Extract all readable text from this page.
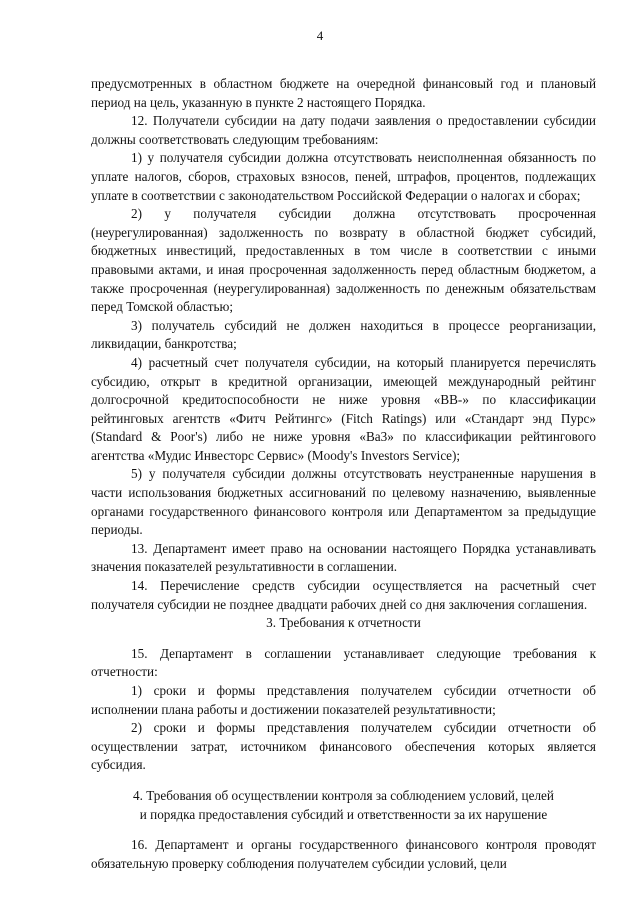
4

предусмотренных в областном бюджете на очередной финансовый год и плановый период на цель, указанную в пункте 2 настоящего Порядка.

12. Получатели субсидии на дату подачи заявления о предоставлении субсидии должны соответствовать следующим требованиям:

1) у получателя субсидии должна отсутствовать неисполненная обязанность по уплате налогов, сборов, страховых взносов, пеней, штрафов, процентов, подлежащих уплате в соответствии с законодательством Российской Федерации о налогах и сборах;

2) у получателя субсидии должна отсутствовать просроченная (неурегулированная) задолженность по возврату в областной бюджет субсидий, бюджетных инвестиций, предоставленных в том числе в соответствии с иными правовыми актами, и иная просроченная задолженность перед областным бюджетом, а также просроченная (неурегулированная) задолженность по денежным обязательствам перед Томской областью;

3) получатель субсидий не должен находиться в процессе реорганизации, ликвидации, банкротства;

4) расчетный счет получателя субсидии, на который планируется перечислять субсидию, открыт в кредитной организации, имеющей международный рейтинг долгосрочной кредитоспособности не ниже уровня «ВВ-» по классификации рейтинговых агентств «Фитч Рейтингс» (Fitch Ratings) или «Стандарт энд Пурс» (Standard & Poor's) либо не ниже уровня «Ва3» по классификации рейтингового агентства «Мудис Инвесторс Сервис» (Moody's Investors Service);

5) у получателя субсидии должны отсутствовать неустраненные нарушения в части использования бюджетных ассигнований по целевому назначению, выявленные органами государственного финансового контроля или Департаментом за предыдущие периоды.

13. Департамент имеет право на основании настоящего Порядка устанавливать значения показателей результативности в соглашении.

14. Перечисление средств субсидии осуществляется на расчетный счет получателя субсидии не позднее двадцати рабочих дней со дня заключения соглашения.

3. Требования к отчетности

15. Департамент в соглашении устанавливает следующие требования к отчетности:

1) сроки и формы представления получателем субсидии отчетности об исполнении плана работы и достижении показателей результативности;

2) сроки и формы представления получателем субсидии отчетности об осуществлении затрат, источником финансового обеспечения которых является субсидия.

4. Требования об осуществлении контроля за соблюдением условий, целей

и порядка предоставления субсидий и ответственности за их нарушение

16. Департамент и органы государственного финансового контроля проводят обязательную проверку соблюдения получателем субсидии условий, цели
